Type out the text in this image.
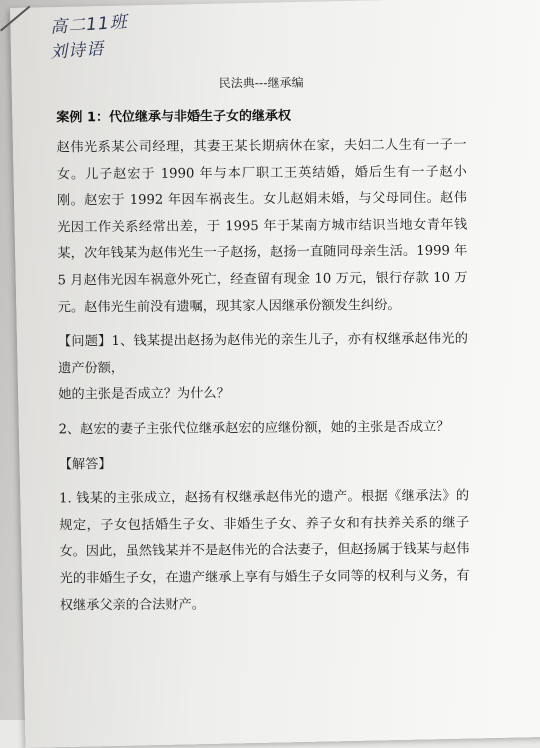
高二11班
刘诗语

民法典---继承编

案例 1：代位继承与非婚生子女的继承权

赵伟光系某公司经理，其妻王某长期病休在家，夫妇二人生有一子一女。儿子赵宏于 1990 年与本厂职工王英结婚，婚后生有一子赵小刚。赵宏于 1992 年因车祸丧生。女儿赵娟未婚，与父母同住。赵伟光因工作关系经常出差，于 1995 年于某南方城市结识当地女青年钱某，次年钱某为赵伟光生一子赵扬，赵扬一直随同母亲生活。1999 年 5 月赵伟光因车祸意外死亡，经查留有现金 10 万元，银行存款 10 万元。赵伟光生前没有遗嘱，现其家人因继承份额发生纠纷。

【问题】1、钱某提出赵扬为赵伟光的亲生儿子，亦有权继承赵伟光的遗产份额，

她的主张是否成立？为什么？

2、赵宏的妻子主张代位继承赵宏的应继份额，她的主张是否成立？

【解答】

1. 钱某的主张成立，赵扬有权继承赵伟光的遗产。根据《继承法》的规定，子女包括婚生子女、非婚生子女、养子女和有扶养关系的继子女。因此，虽然钱某并不是赵伟光的合法妻子，但赵扬属于钱某与赵伟光的非婚生子女，在遗产继承上享有与婚生子女同等的权利与义务，有权继承父亲的合法财产。
